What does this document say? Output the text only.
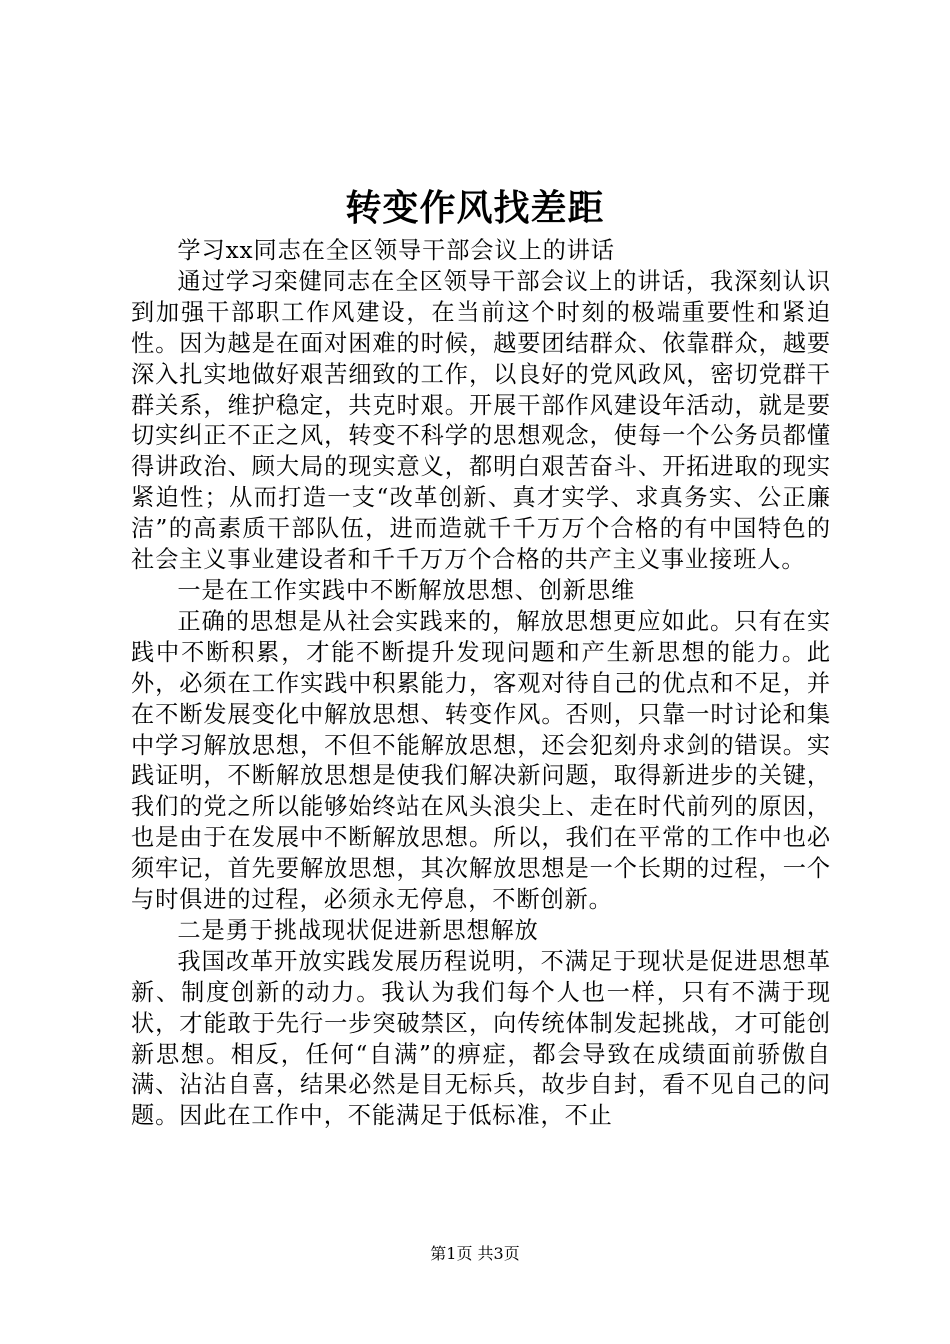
转变作风找差距

学习xx同志在全区领导干部会议上的讲话

通过学习栾健同志在全区领导干部会议上的讲话，我深刻认识到加强干部职工作风建设，在当前这个时刻的极端重要性和紧迫性。因为越是在面对困难的时候，越要团结群众、依靠群众，越要深入扎实地做好艰苦细致的工作，以良好的党风政风，密切党群干群关系，维护稳定，共克时艰。开展干部作风建设年活动，就是要切实纠正不正之风，转变不科学的思想观念，使每一个公务员都懂得讲政治、顾大局的现实意义，都明白艰苦奋斗、开拓进取的现实紧迫性；从而打造一支“改革创新、真才实学、求真务实、公正廉洁”的高素质干部队伍，进而造就千千万万个合格的有中国特色的社会主义事业建设者和千千万万个合格的共产主义事业接班人。

一是在工作实践中不断解放思想、创新思维

正确的思想是从社会实践来的，解放思想更应如此。只有在实践中不断积累，才能不断提升发现问题和产生新思想的能力。此外，必须在工作实践中积累能力，客观对待自己的优点和不足，并在不断发展变化中解放思想、转变作风。否则，只靠一时讨论和集中学习解放思想，不但不能解放思想，还会犯刻舟求剑的错误。实践证明，不断解放思想是使我们解决新问题，取得新进步的关键，我们的党之所以能够始终站在风头浪尖上、走在时代前列的原因，也是由于在发展中不断解放思想。所以，我们在平常的工作中也必须牢记，首先要解放思想，其次解放思想是一个长期的过程，一个与时俱进的过程，必须永无停息，不断创新。

二是勇于挑战现状促进新思想解放

我国改革开放实践发展历程说明，不满足于现状是促进思想革新、制度创新的动力。我认为我们每个人也一样，只有不满于现状，才能敢于先行一步突破禁区，向传统体制发起挑战，才可能创新思想。相反，任何“自满”的痹症，都会导致在成绩面前骄傲自满、沾沾自喜，结果必然是目无标兵，故步自封，看不见自己的问题。因此在工作中，不能满足于低标准，不止

第1页 共3页
